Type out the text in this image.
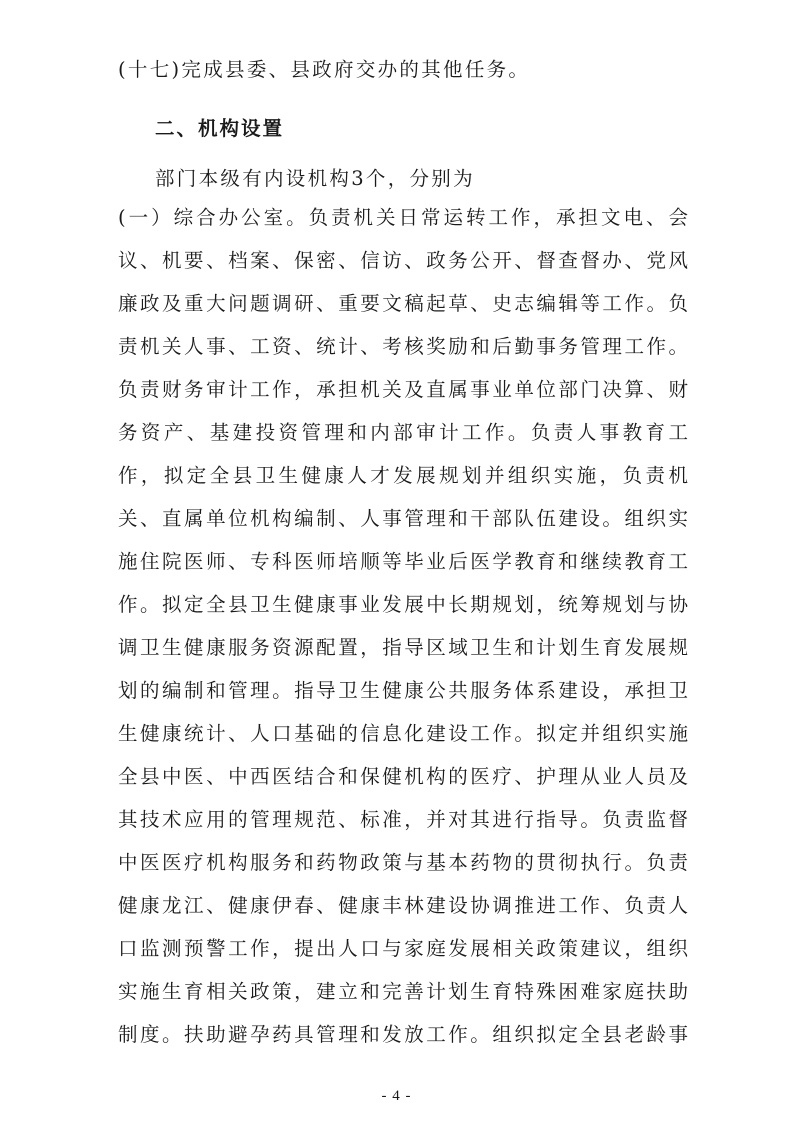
(十七)完成县委、县政府交办的其他任务。
二、机构设置
部门本级有内设机构3个，分别为
(一）综合办公室。负责机关日常运转工作，承担文电、会
议、机要、档案、保密、信访、政务公开、督查督办、党风
廉政及重大问题调研、重要文稿起草、史志编辑等工作。负
责机关人事、工资、统计、考核奖励和后勤事务管理工作。
负责财务审计工作，承担机关及直属事业单位部门决算、财
务资产、基建投资管理和内部审计工作。负责人事教育工
作，拟定全县卫生健康人才发展规划并组织实施，负责机
关、直属单位机构编制、人事管理和干部队伍建设。组织实
施住院医师、专科医师培顺等毕业后医学教育和继续教育工
作。拟定全县卫生健康事业发展中长期规划，统筹规划与协
调卫生健康服务资源配置，指导区域卫生和计划生育发展规
划的编制和管理。指导卫生健康公共服务体系建设，承担卫
生健康统计、人口基础的信息化建设工作。拟定并组织实施
全县中医、中西医结合和保健机构的医疗、护理从业人员及
其技术应用的管理规范、标准，并对其进行指导。负责监督
中医医疗机构服务和药物政策与基本药物的贯彻执行。负责
健康龙江、健康伊春、健康丰林建设协调推进工作、负责人
口监测预警工作，提出人口与家庭发展相关政策建议，组织
实施生育相关政策，建立和完善计划生育特殊困难家庭扶助
制度。扶助避孕药具管理和发放工作。组织拟定全县老龄事
- 4 -
